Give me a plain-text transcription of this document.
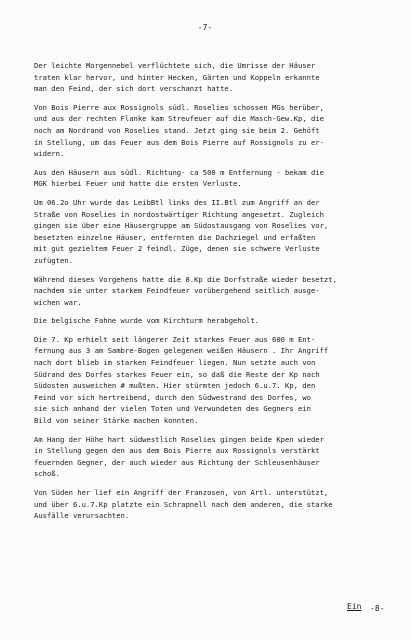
-7-

Der leichte Morgennebel verflüchtete sich, die Umrisse der Häuser
traten klar hervor, und hinter Hecken, Gärten und Koppeln erkannte
man den Feind, der sich dort verschanzt hatte.

Von Bois Pierre aux Rossignols südl. Roselies schossen MGs herüber,
und aus der rechten Flanke kam Streufeuer auf die Masch-Gew.Kp, die
noch am Nordrand von Roselies stand. Jetzt ging sie beim 2. Gehöft
in Stellung, um das Feuer aus dem Bois Pierre auf Rossignols zu er-
widern.

Aus den Häusern aus südl. Richtung- ca 500 m Entfernung - bekam die
MGK hierbei Feuer und hatte die ersten Verluste.

Um 06.2o Uhr wurde das LeibBtl links des II.Btl zum Angriff an der
Straße von Roselies in nordostwärtiger Richtung angesetzt. Zugleich
gingen sie über eine Häusergruppe am Südostausgang von Roselies vor,
besetzten einzelne Häuser, entfernten die Dachziegel und erfaßten
mit gut gezieltem Feuer 2 feindl. Züge, denen sie schwere Verluste
zufügten.

Während dieses Vorgehens hatte die 8.Kp die Dorfstraße wieder besetzt,
nachdem sie unter starkem Feindfeuer vorübergehend seitlich ausge-
wichen war.

Die belgische Fahne wurde vom Kirchturm herabgeholt.

Die 7. Kp erhielt seit längerer Zeit starkes Feuer aus 600 m Ent-
fernung aus 3 am Sambre-Bogen gelegenen weißen Häusern . Ihr Angriff
nach dort blieb im starken Feindfeuer liegen. Nun setzte auch von
Südrand des Dorfes starkes Feuer ein, so daß die Reste der Kp nach
Südosten ausweichen # mußten. Hier stürmten jedoch 6.u.7. Kp, den
Feind vor sich hertreibend, durch den Südwestrand des Dorfes, wo
sie sich anhand der vielen Toten und Verwundeten des Gegners ein
Bild von seiner Stärke machen konnten.

Am Hang der Höhe hart südwestlich Roselies gingen beide Kpen wieder
in Stellung gegen den aus dem Bois Pierre aux Rossignols verstärkt
feuernden Gegner, der auch wieder aus Richtung der Schleusenhäuser
schoß.

Von Süden her lief ein Angriff der Franzosen, von Artl. unterstützt,
und über 6.u.7.Kp platzte ein Schrapnell nach dem anderen, die starke
Ausfälle verursachten.

Ein -8-
